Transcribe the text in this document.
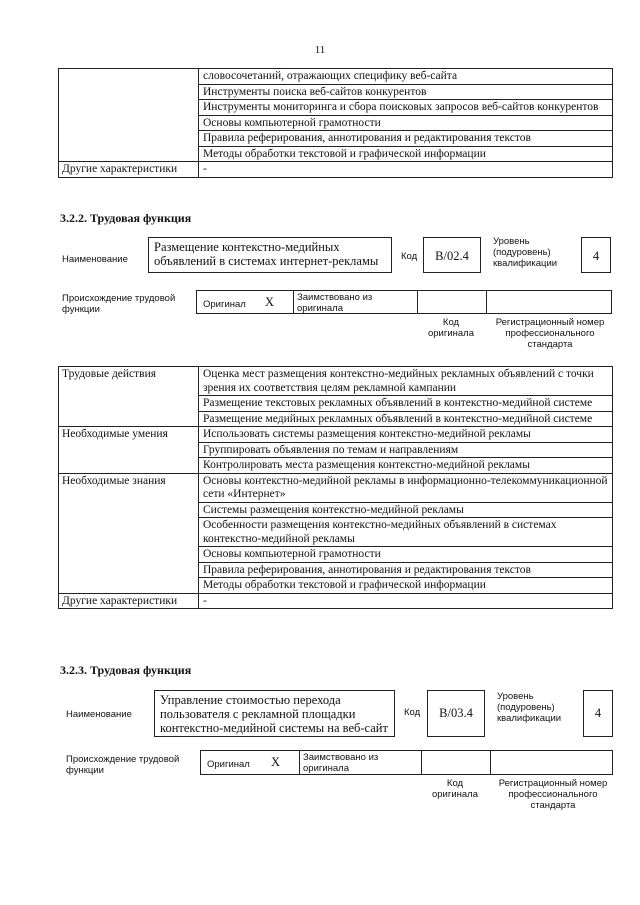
11
	словосочетаний, отражающих специфику веб-сайта
	Инструменты поиска веб-сайтов конкурентов
	Инструменты мониторинга и сбора поисковых запросов веб-сайтов конкурентов
	Основы компьютерной грамотности
	Правила реферирования, аннотирования и редактирования текстов
	Методы обработки текстовой и графической информации
Другие характеристики	-
3.2.2. Трудовая функция
Наименование
Размещение контекстно-медийных объявлений в системах интернет-рекламы	Код	B/02.4
Уровень (подуровень) квалификации
4
Происхождение трудовой функции	Оригинал X Заимствовано из оригинала
Код оригинала
Регистрационный номер профессионального стандарта
Трудовые действия	Оценка мест размещения контекстно-медийных рекламных объявлений с точки зрения их соответствия целям рекламной кампании
	Размещение текстовых рекламных объявлений в контекстно-медийной системе
	Размещение медийных рекламных объявлений в контекстно-медийной системе
Необходимые умения	Использовать системы размещения контекстно-медийной рекламы
	Группировать объявления по темам и направлениям
	Контролировать места размещения контекстно-медийной рекламы
Необходимые знания	Основы контекстно-медийной рекламы в информационно-телекоммуникационной сети «Интернет»
	Системы размещения контекстно-медийной рекламы
	Особенности размещения контекстно-медийных объявлений в системах контекстно-медийной рекламы
	Основы компьютерной грамотности
	Правила реферирования, аннотирования и редактирования текстов
	Методы обработки текстовой и графической информации
Другие характеристики	-
3.2.3. Трудовая функция
Наименование
Управление стоимостью перехода пользователя с рекламной площадки контекстно-медийной системы на веб-сайт
Код	B/03.4
Уровень (подуровень) квалификации	4
Происхождение трудовой функции
Оригинал X Заимствовано из оригинала
Код оригинала
Регистрационный номер профессионального стандарта
